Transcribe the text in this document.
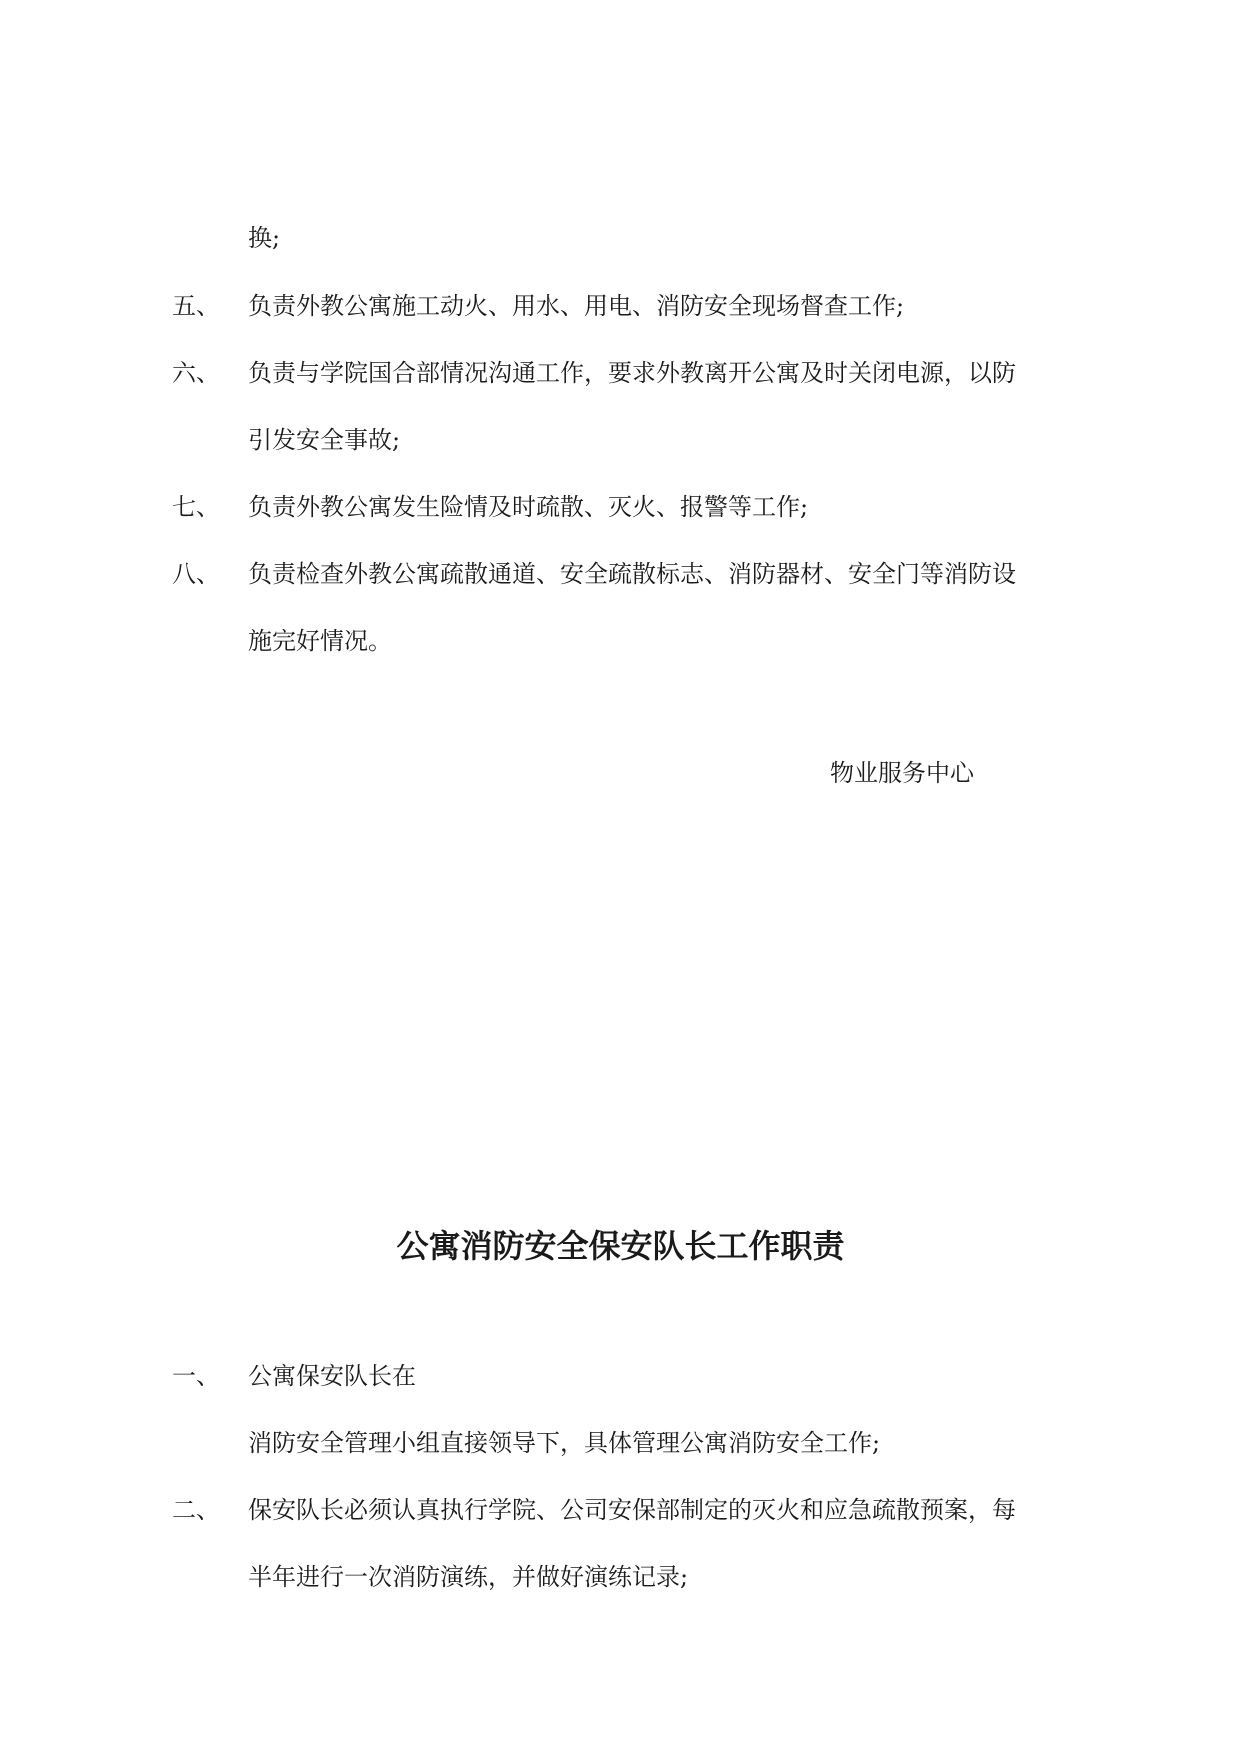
换;
五、 负责外教公寓施工动火、用水、用电、消防安全现场督查工作;
六、 负责与学院国合部情况沟通工作，要求外教离开公寓及时关闭电源，以防
引发安全事故;
七、 负责外教公寓发生险情及时疏散、灭火、报警等工作;
八、 负责检查外教公寓疏散通道、安全疏散标志、消防器材、安全门等消防设
施完好情况。
物业服务中心
公寓消防安全保安队长工作职责
一、 公寓保安队长在
消防安全管理小组直接领导下，具体管理公寓消防安全工作;
二、 保安队长必须认真执行学院、公司安保部制定的灭火和应急疏散预案，每
半年进行一次消防演练，并做好演练记录;
